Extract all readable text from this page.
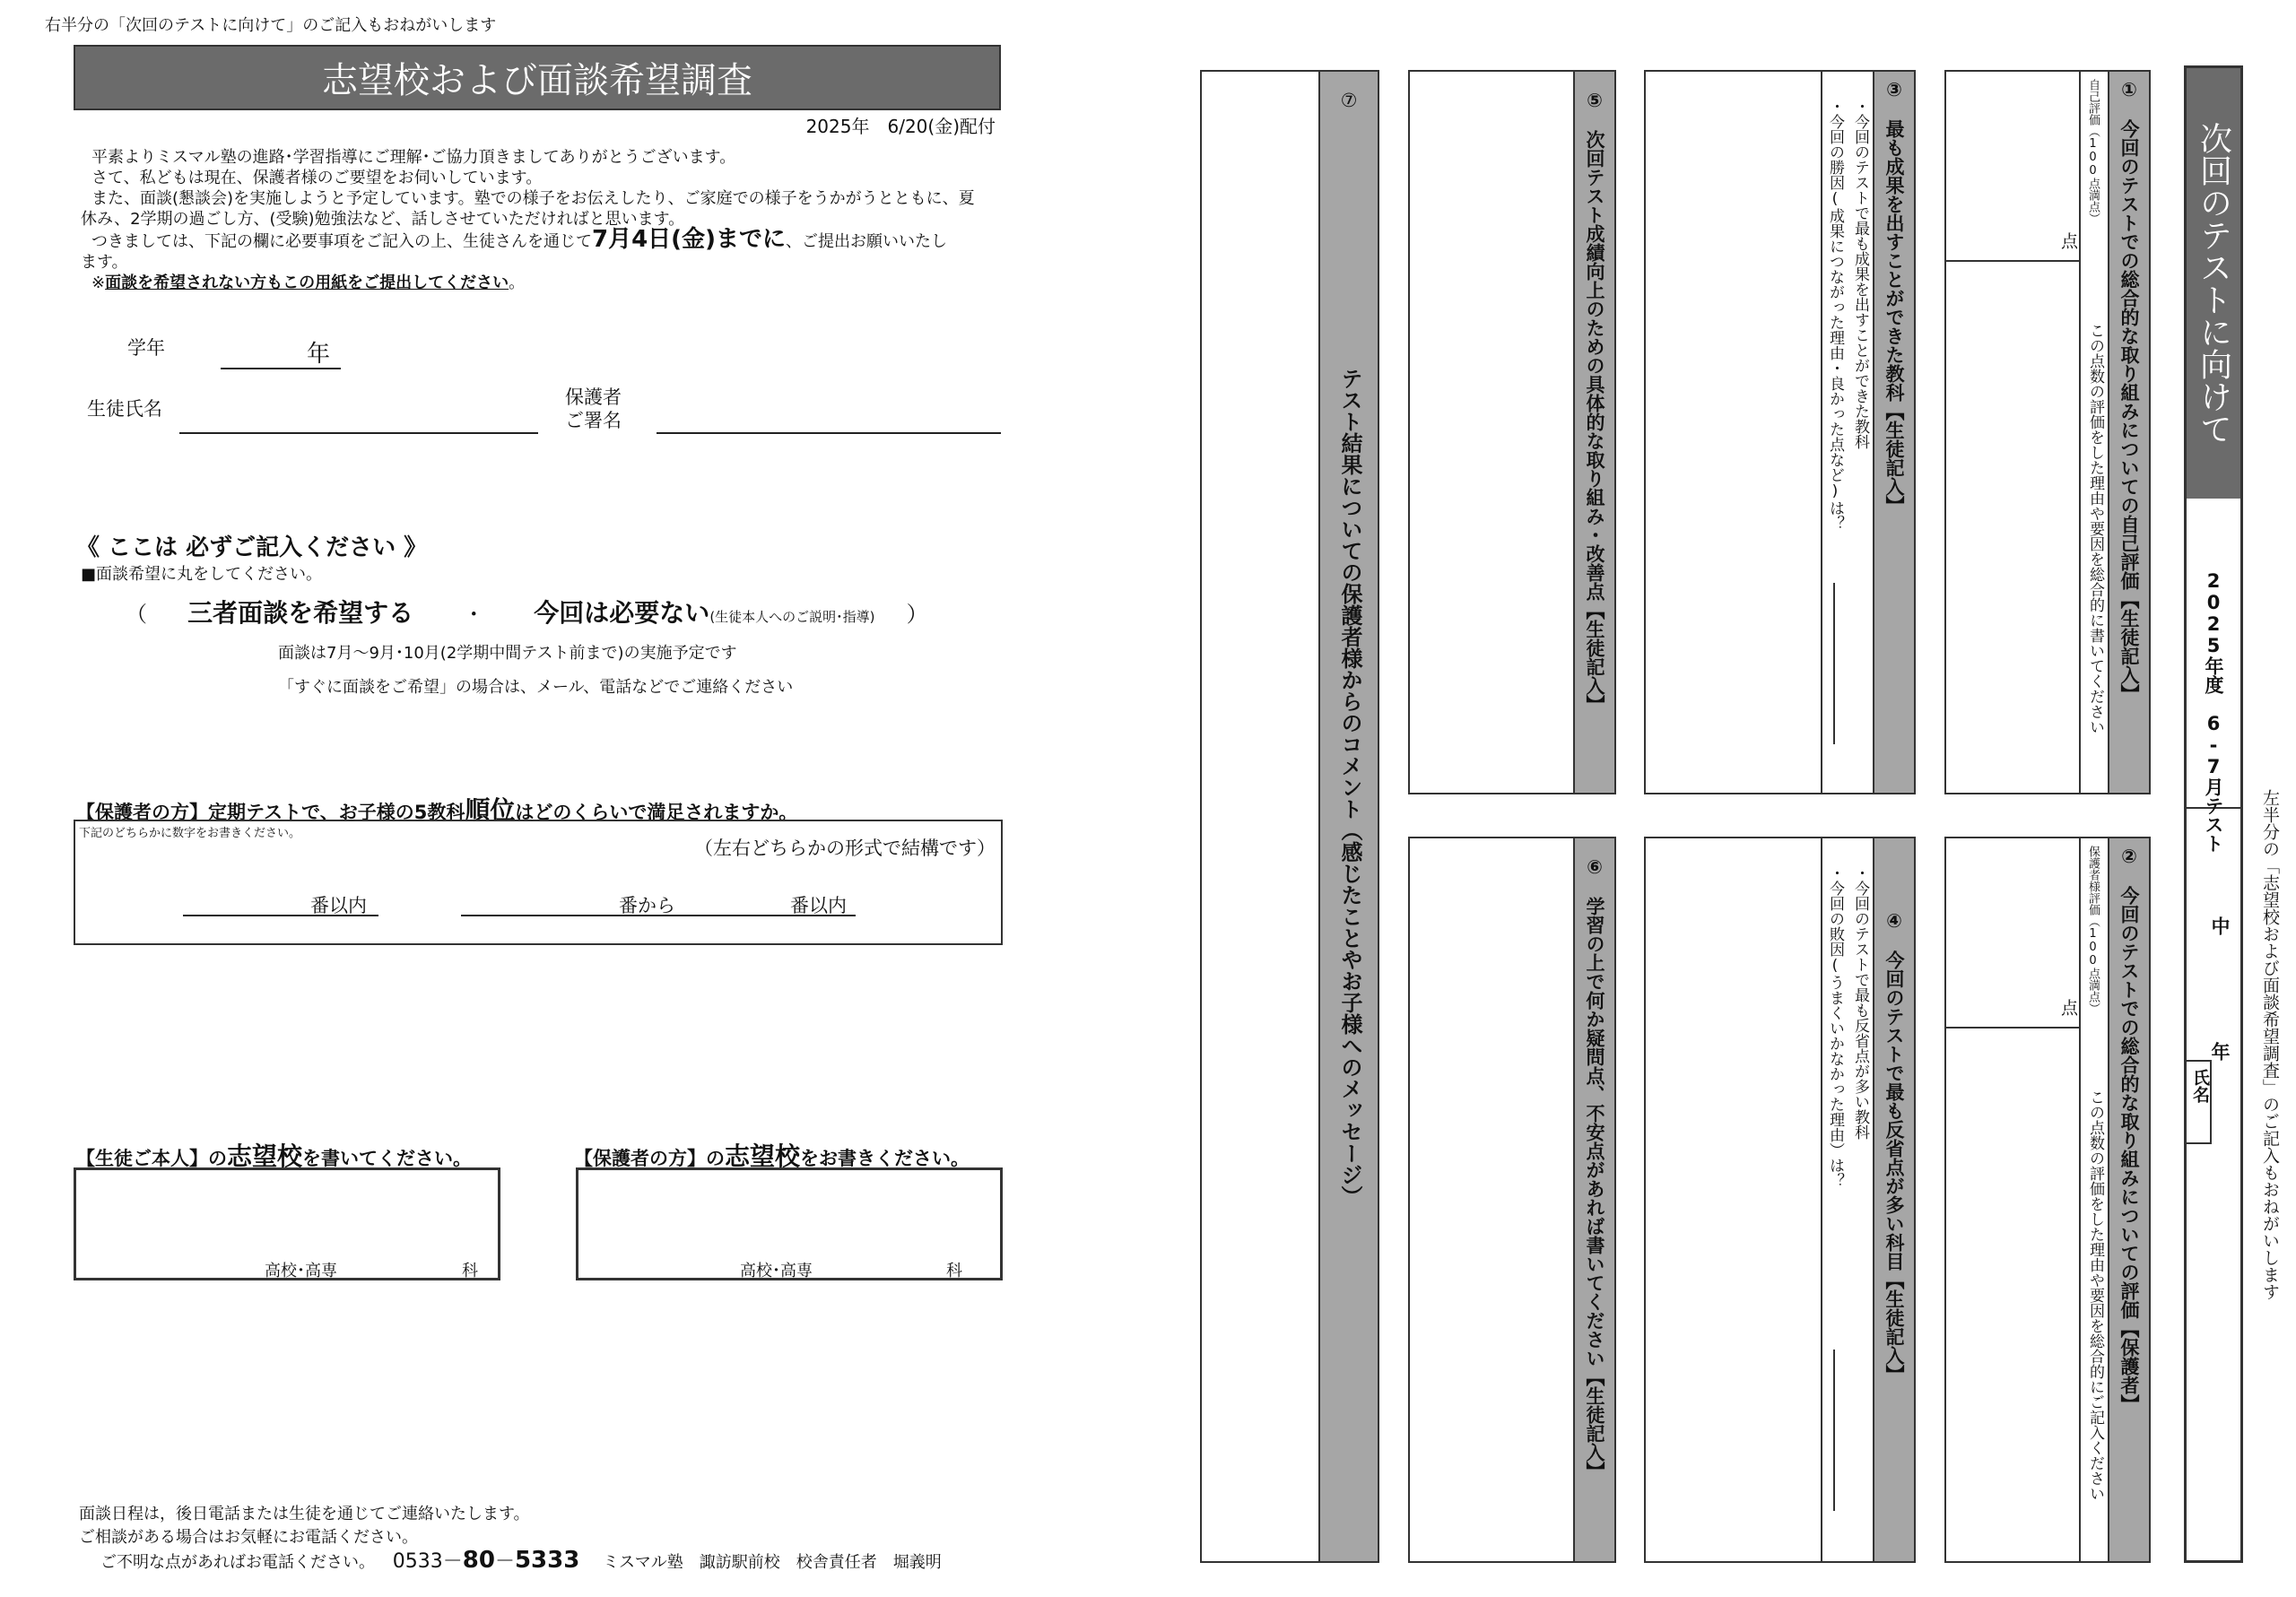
右半分の「次回のテストに向けて」のご記入もおねがいします
志望校および面談希望調査
2025年　6/20(金)配付
平素よりミスマル塾の進路･学習指導にご理解･ご協力頂きましてありがとうございます。
さて、私どもは現在、保護者様のご要望をお伺いしています。
また、面談(懇談会)を実施しようと予定しています。塾での様子をお伝えしたり、ご家庭での様子をうかがうとともに、夏
休み、2学期の過ごし方、(受験)勉強法など、話しさせていただければと思います。
つきましては、下記の欄に必要事項をご記入の上、生徒さんを通じて7月4日(金)までに、ご提出お願いいたし
ます。
※面談を希望されない方もこの用紙をご提出してください。
学年	年
生徒氏名
保護者
ご署名
《 ここは 必ずご記入ください 》
■面談希望に丸をしてください。
（ 三者面談を希望する ・ 今回は必要ない(生徒本人へのご説明･指導) ）
面談は7月～9月･10月(2学期中間テスト前まで)の実施予定です
「すぐに面談をご希望」の場合は、メール、電話などでご連絡ください
【保護者の方】定期テストで、お子様の5教科順位はどのくらいで満足されますか。
下記のどちらかに数字をお書きください。
（左右どちらかの形式で結構です）
番以内	番から	番以内
【生徒ご本人】の志望校を書いてください。
高校･高専	科
【保護者の方】の志望校をお書きください。
高校･高専	科
面談日程は，後日電話または生徒を通じてご連絡いたします。
ご相談がある場合はお気軽にお電話ください。
ご不明な点があればお電話ください。 0533－80－5333 ミスマル塾　諏訪駅前校　校舎責任者　堀義明
左半分の「志望校および面談希望調査」のご記入もおねがいします
次回のテストに向けて
2025年度　6-7月テスト
中
年
氏名
①　今回のテストでの総合的な取り組みについての自己評価【生徒記入】
自己評価（100点満点）
この点数の評価をした理由や要因を総合的に書いてください
点
②　今回のテストでの総合的な取り組みについての評価【保護者】
保護者様評価（100点満点）
この点数の評価をした理由や要因を総合的にご記入ください
点
③　最も成果を出すことができた教科【生徒記入】
・今回のテストで最も成果を出すことができた教科
・今回の勝因(成果につながった理由・良かった点など)は？
④　今回のテストで最も反省点が多い科目【生徒記入】
・今回のテストで最も反省点が多い教科
・今回の敗因(うまくいかなかった理由）は？
⑤　次回テスト成績向上のための具体的な取り組み・改善点【生徒記入】
⑥　学習の上で何か疑問点、不安点があれば書いてください【生徒記入】
⑦
テスト結果についての保護者様からのコメント（感じたことやお子様へのメッセージ）
